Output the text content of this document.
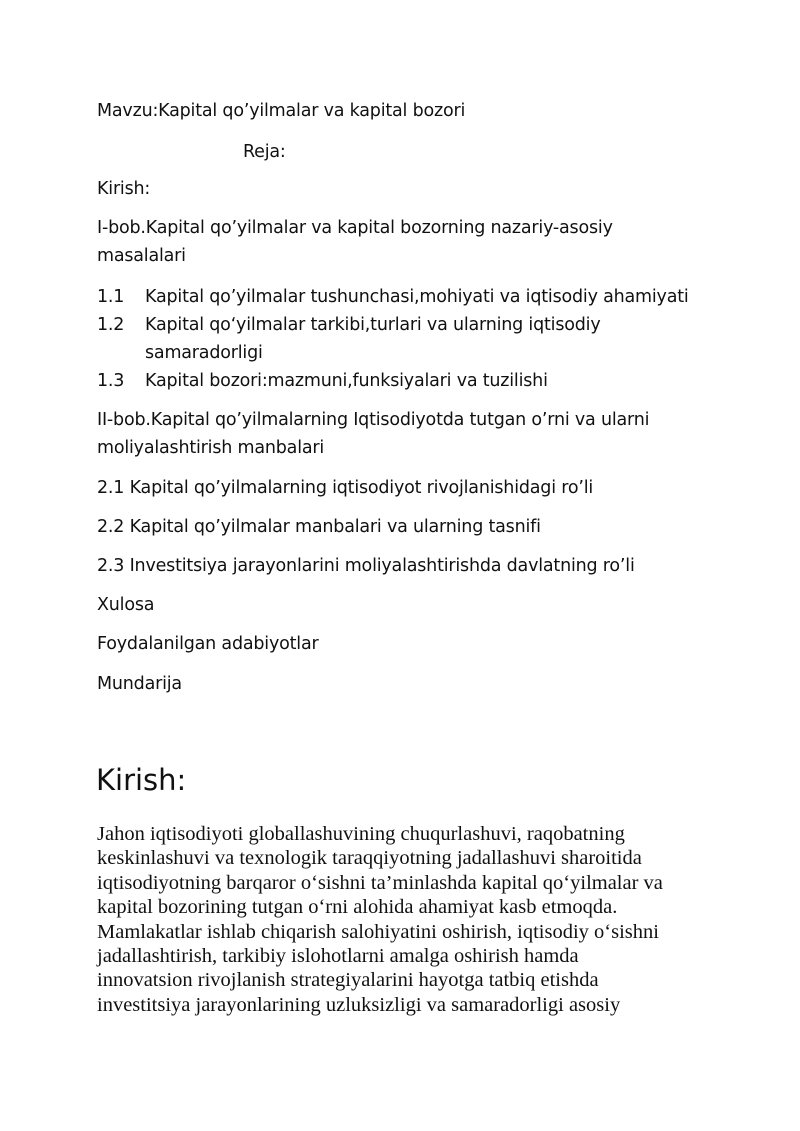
Mavzu:Kapital qo’yilmalar va kapital bozori
Reja:
Kirish:
I-bob.Kapital qo’yilmalar va kapital bozorning nazariy-asosiy
masalalari
1.1 Kapital qo’yilmalar tushunchasi,mohiyati va iqtisodiy ahamiyati
1.2 Kapital qo‘yilmalar tarkibi,turlari va ularning iqtisodiy
samaradorligi
1.3 Kapital bozori:mazmuni,funksiyalari va tuzilishi
II-bob.Kapital qo’yilmalarning Iqtisodiyotda tutgan o’rni va ularni
moliyalashtirish manbalari
2.1 Kapital qo’yilmalarning iqtisodiyot rivojlanishidagi ro’li
2.2 Kapital qo’yilmalar manbalari va ularning tasnifi
2.3 Investitsiya jarayonlarini moliyalashtirishda davlatning ro’li
Xulosa
Foydalanilgan adabiyotlar
Mundarija
Kirish:
Jahon iqtisodiyoti globallashuvining chuqurlashuvi, raqobatning
keskinlashuvi va texnologik taraqqiyotning jadallashuvi sharoitida
iqtisodiyotning barqaror o‘sishni ta’minlashda kapital qo‘yilmalar va
kapital bozorining tutgan o‘rni alohida ahamiyat kasb etmoqda.
Mamlakatlar ishlab chiqarish salohiyatini oshirish, iqtisodiy o‘sishni
jadallashtirish, tarkibiy islohotlarni amalga oshirish hamda
innovatsion rivojlanish strategiyalarini hayotga tatbiq etishda
investitsiya jarayonlarining uzluksizligi va samaradorligi asosiy
